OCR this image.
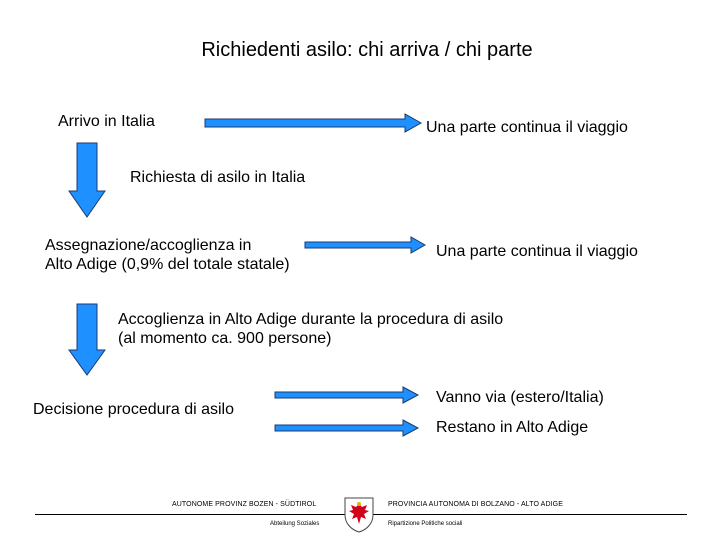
Richiedenti asilo: chi arriva / chi parte
Arrivo in Italia	Una parte continua il viaggio
Richiesta di asilo in Italia
Assegnazione/accoglienza in
Alto Adige (0,9% del totale statale)
Una parte continua il viaggio
Accoglienza in Alto Adige durante la procedura di asilo
(al momento ca. 900 persone)
Decisione procedura di asilo
Vanno via (estero/Italia)
Restano in Alto Adige
AUTONOME PROVINZ BOZEN - SÜDTIROL
Abteilung Soziales
PROVINCIA AUTONOMA DI BOLZANO - ALTO ADIGE
Ripartizione Politiche sociali
